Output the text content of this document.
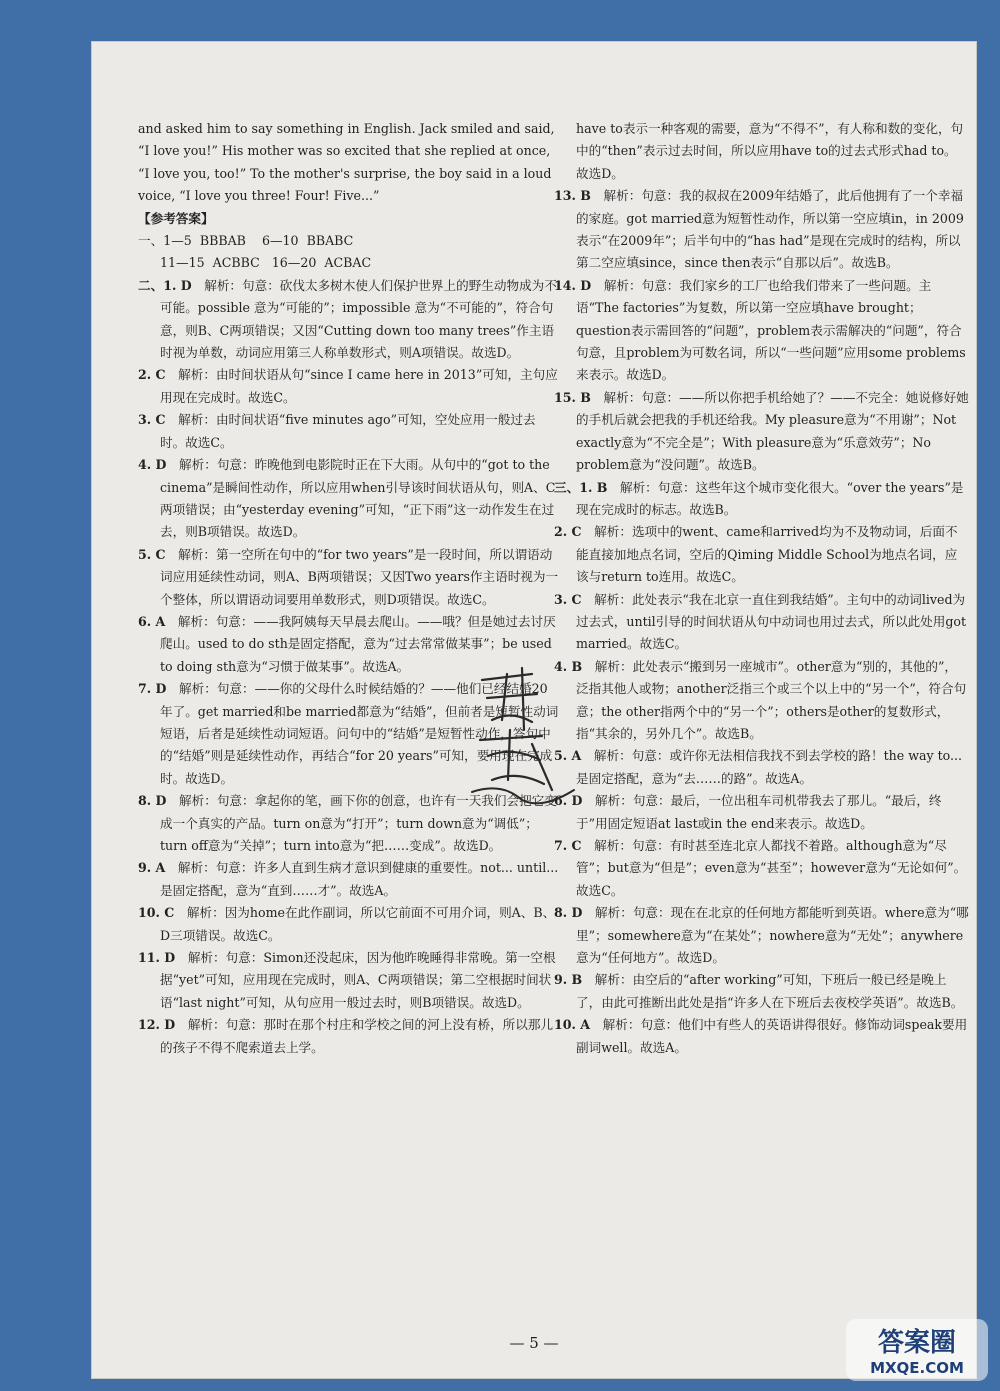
and asked him to say something in English. Jack smiled and said, “I love you!” His mother was so excited that she replied at once, “I love you, too!” To the mother's surprise, the boy said in a loud voice, “I love you three! Four! Five...”

【参考答案】

一、1—5  BBBAB    6—10  BBABC

11—15  ACBBC   16—20  ACBAC

二、1. D　 解析：句意：砍伐太多树木使人们保护世界上的野生动物成为不可能。possible 意为“可能的”；impossible 意为“不可能的”，符合句意，则B、C两项错误；又因“Cutting down too many trees”作主语时视为单数，动词应用第三人称单数形式，则A项错误。故选D。

2. C　 解析：由时间状语从句“since I came here in 2013”可知，主句应用现在完成时。故选C。

3. C　 解析：由时间状语“five minutes ago”可知，空处应用一般过去时。故选C。

4. D　 解析：句意：昨晚他到电影院时正在下大雨。从句中的“got to the cinema”是瞬间性动作，所以应用when引导该时间状语从句，则A、C两项错误；由“yesterday evening”可知，“正下雨”这一动作发生在过去，则B项错误。故选D。

5. C　 解析：第一空所在句中的“for two years”是一段时间，所以谓语动词应用延续性动词，则A、B两项错误；又因Two years作主语时视为一个整体，所以谓语动词要用单数形式，则D项错误。故选C。

6. A　 解析：句意：——我阿姨每天早晨去爬山。——哦？但是她过去讨厌爬山。used to do sth是固定搭配，意为“过去常常做某事”；be used to doing sth意为“习惯于做某事”。故选A。

7. D　 解析：句意：——你的父母什么时候结婚的？——他们已经结婚20年了。get married和be married都意为“结婚”，但前者是短暂性动词短语，后者是延续性动词短语。问句中的“结婚”是短暂性动作，答句中的“结婚”则是延续性动作，再结合“for 20 years”可知，要用现在完成时。故选D。

8. D　 解析：句意：拿起你的笔，画下你的创意，也许有一天我们会把它变成一个真实的产品。turn on意为“打开”；turn down意为“调低”；turn off意为“关掉”；turn into意为“把……变成”。故选D。

9. A　 解析：句意：许多人直到生病才意识到健康的重要性。not... until...是固定搭配，意为“直到……才”。故选A。

10. C　 解析：因为home在此作副词，所以它前面不可用介词，则A、B、D三项错误。故选C。

11. D　 解析：句意：Simon还没起床，因为他昨晚睡得非常晚。第一空根据“yet”可知，应用现在完成时，则A、C两项错误；第二空根据时间状语“last night”可知，从句应用一般过去时，则B项错误。故选D。

12. D　 解析：句意：那时在那个村庄和学校之间的河上没有桥，所以那儿的孩子不得不爬索道去上学。

have to表示一种客观的需要，意为“不得不”，有人称和数的变化，句中的“then”表示过去时间，所以应用have to的过去式形式had to。故选D。

13. B　 解析：句意：我的叔叔在2009年结婚了，此后他拥有了一个幸福的家庭。got married意为短暂性动作，所以第一空应填in，in 2009表示“在2009年”；后半句中的“has had”是现在完成时的结构，所以第二空应填since，since then表示“自那以后”。故选B。

14. D　 解析：句意：我们家乡的工厂也给我们带来了一些问题。主语“The factories”为复数，所以第一空应填have brought；question表示需回答的“问题”，problem表示需解决的“问题”，符合句意，且problem为可数名词，所以“一些问题”应用some problems来表示。故选D。

15. B　 解析：句意：——所以你把手机给她了？——不完全：她说修好她的手机后就会把我的手机还给我。My pleasure意为“不用谢”；Not exactly意为“不完全是”；With pleasure意为“乐意效劳”；No problem意为“没问题”。故选B。

三、1. B　 解析：句意：这些年这个城市变化很大。“over the years”是现在完成时的标志。故选B。

2. C　 解析：选项中的went、came和arrived均为不及物动词，后面不能直接加地点名词，空后的Qiming Middle School为地点名词，应该与return to连用。故选C。

3. C　 解析：此处表示“我在北京一直住到我结婚”。主句中的动词lived为过去式，until引导的时间状语从句中动词也用过去式，所以此处用got married。故选C。

4. B　 解析：此处表示“搬到另一座城市”。other意为“别的，其他的”，泛指其他人或物；another泛指三个或三个以上中的“另一个”，符合句意；the other指两个中的“另一个”；others是other的复数形式，指“其余的，另外几个”。故选B。

5. A　 解析：句意：或许你无法相信我找不到去学校的路！the way to...是固定搭配，意为“去……的路”。故选A。

6. D　 解析：句意：最后，一位出租车司机带我去了那儿。“最后，终于”用固定短语at last或in the end来表示。故选D。

7. C　 解析：句意：有时甚至连北京人都找不着路。although意为“尽管”；but意为“但是”；even意为“甚至”；however意为“无论如何”。故选C。

8. D　 解析：句意：现在在北京的任何地方都能听到英语。where意为“哪里”；somewhere意为“在某处”；nowhere意为“无处”；anywhere意为“任何地方”。故选D。

9. B　 解析：由空后的“after working”可知，下班后一般已经是晚上了，由此可推断出此处是指“许多人在下班后去夜校学英语”。故选B。

10. A　 解析：句意：他们中有些人的英语讲得很好。修饰动词speak要用副词well。故选A。

— 5 —	答案圈
MXQE.COM
